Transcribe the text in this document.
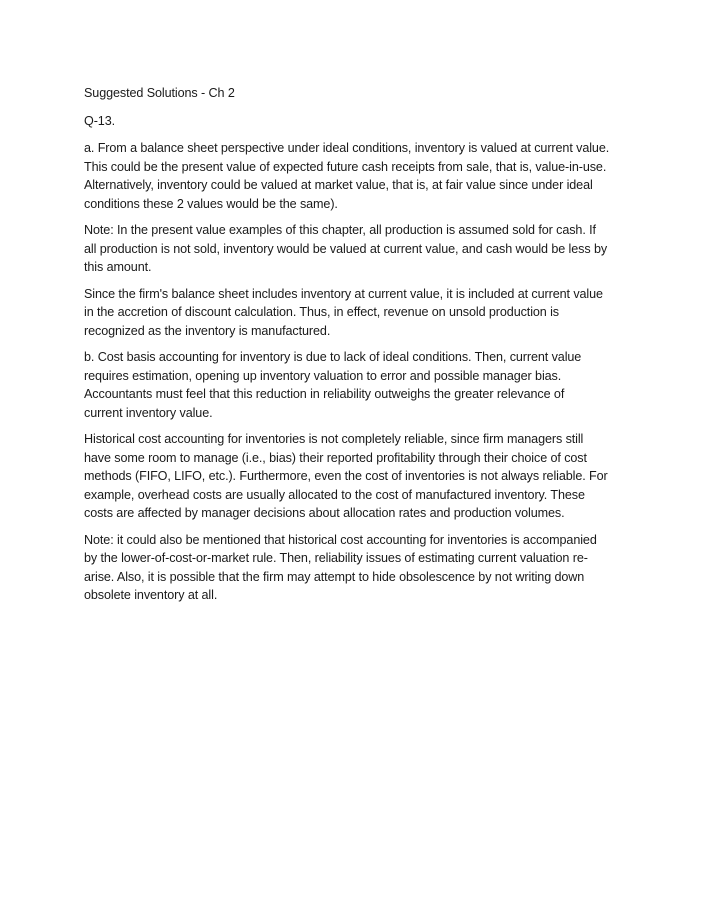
Suggested Solutions - Ch 2
Q-13.
a. From a balance sheet perspective under ideal conditions, inventory is valued at current value.
This could be the present value of expected future cash receipts from sale, that is, value-in-use.
Alternatively, inventory could be valued at market value, that is, at fair value since under ideal
conditions these 2 values would be the same).
Note: In the present value examples of this chapter, all production is assumed sold for cash. If
all production is not sold, inventory would be valued at current value, and cash would be less by
this amount.
Since the firm's balance sheet includes inventory at current value, it is included at current value
in the accretion of discount calculation. Thus, in effect, revenue on unsold production is
recognized as the inventory is manufactured.
b. Cost basis accounting for inventory is due to lack of ideal conditions. Then, current value
requires estimation, opening up inventory valuation to error and possible manager bias.
Accountants must feel that this reduction in reliability outweighs the greater relevance of
current inventory value.
Historical cost accounting for inventories is not completely reliable, since firm managers still
have some room to manage (i.e., bias) their reported profitability through their choice of cost
methods (FIFO, LIFO, etc.). Furthermore, even the cost of inventories is not always reliable. For
example, overhead costs are usually allocated to the cost of manufactured inventory. These
costs are affected by manager decisions about allocation rates and production volumes.
Note: it could also be mentioned that historical cost accounting for inventories is accompanied
by the lower-of-cost-or-market rule. Then, reliability issues of estimating current valuation re-
arise. Also, it is possible that the firm may attempt to hide obsolescence by not writing down
obsolete inventory at all.
